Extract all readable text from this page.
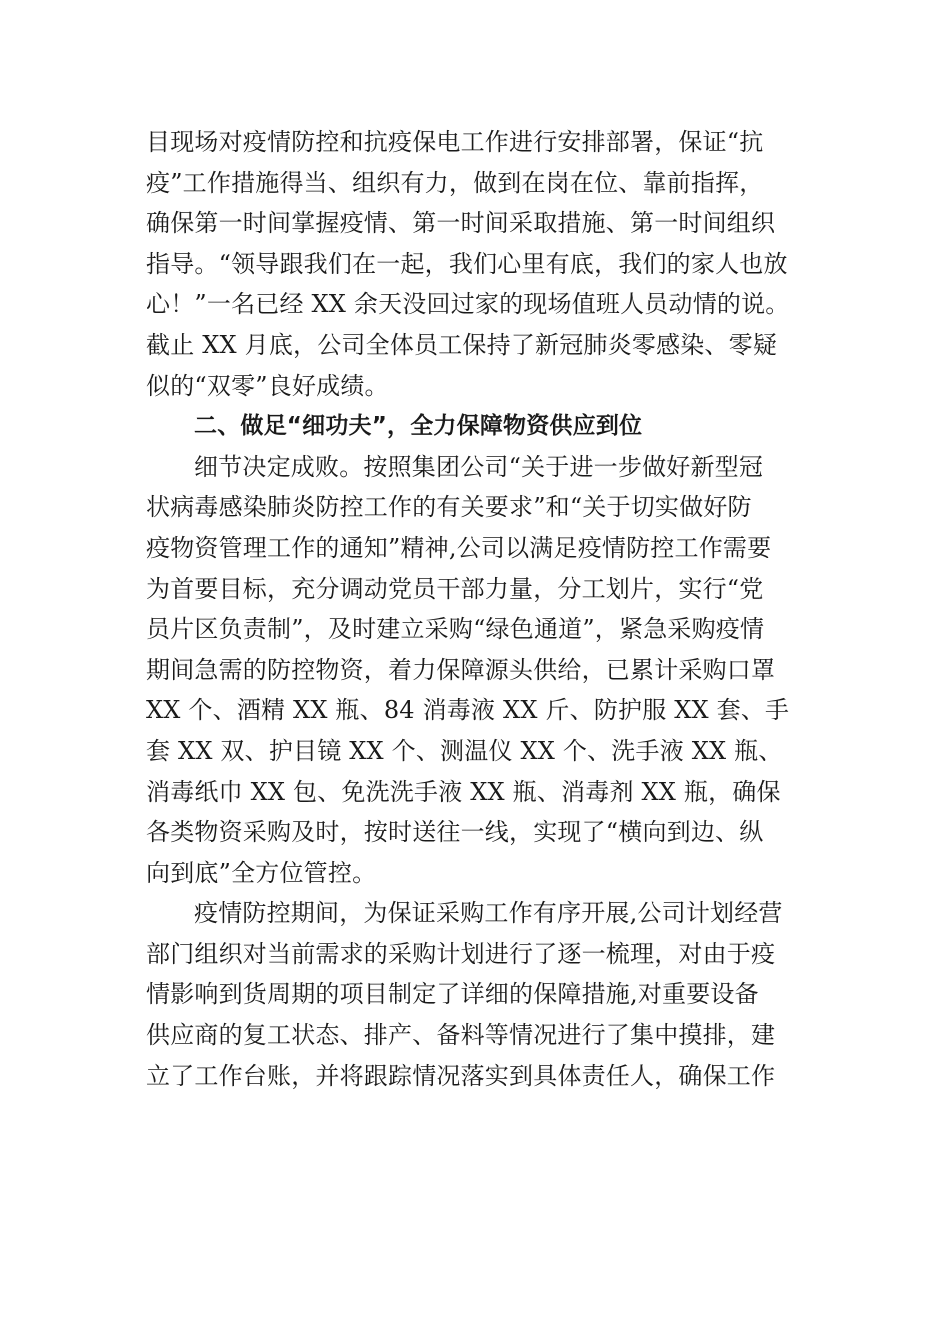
目现场对疫情防控和抗疫保电工作进行安排部署，保证“抗
疫”工作措施得当、组织有力，做到在岗在位、靠前指挥，
确保第一时间掌握疫情、第一时间采取措施、第一时间组织
指导。“领导跟我们在一起，我们心里有底，我们的家人也放
心！”一名已经 XX 余天没回过家的现场值班人员动情的说。
截止 XX 月底，公司全体员工保持了新冠肺炎零感染、零疑
似的“双零”良好成绩。
二、做足“细功夫”，全力保障物资供应到位
细节决定成败。按照集团公司“关于进一步做好新型冠
状病毒感染肺炎防控工作的有关要求”和“关于切实做好防
疫物资管理工作的通知”精神,公司以满足疫情防控工作需要
为首要目标，充分调动党员干部力量，分工划片，实行“党
员片区负责制”，及时建立采购“绿色通道”，紧急采购疫情
期间急需的防控物资，着力保障源头供给，已累计采购口罩
XX 个、酒精 XX 瓶、84 消毒液 XX 斤、防护服 XX 套、手
套 XX 双、护目镜 XX 个、测温仪 XX 个、洗手液 XX 瓶、
消毒纸巾 XX 包、免洗洗手液 XX 瓶、消毒剂 XX 瓶，确保
各类物资采购及时，按时送往一线，实现了“横向到边、纵
向到底”全方位管控。
疫情防控期间，为保证采购工作有序开展,公司计划经营
部门组织对当前需求的采购计划进行了逐一梳理，对由于疫
情影响到货周期的项目制定了详细的保障措施,对重要设备
供应商的复工状态、排产、备料等情况进行了集中摸排，建
立了工作台账，并将跟踪情况落实到具体责任人，确保工作
